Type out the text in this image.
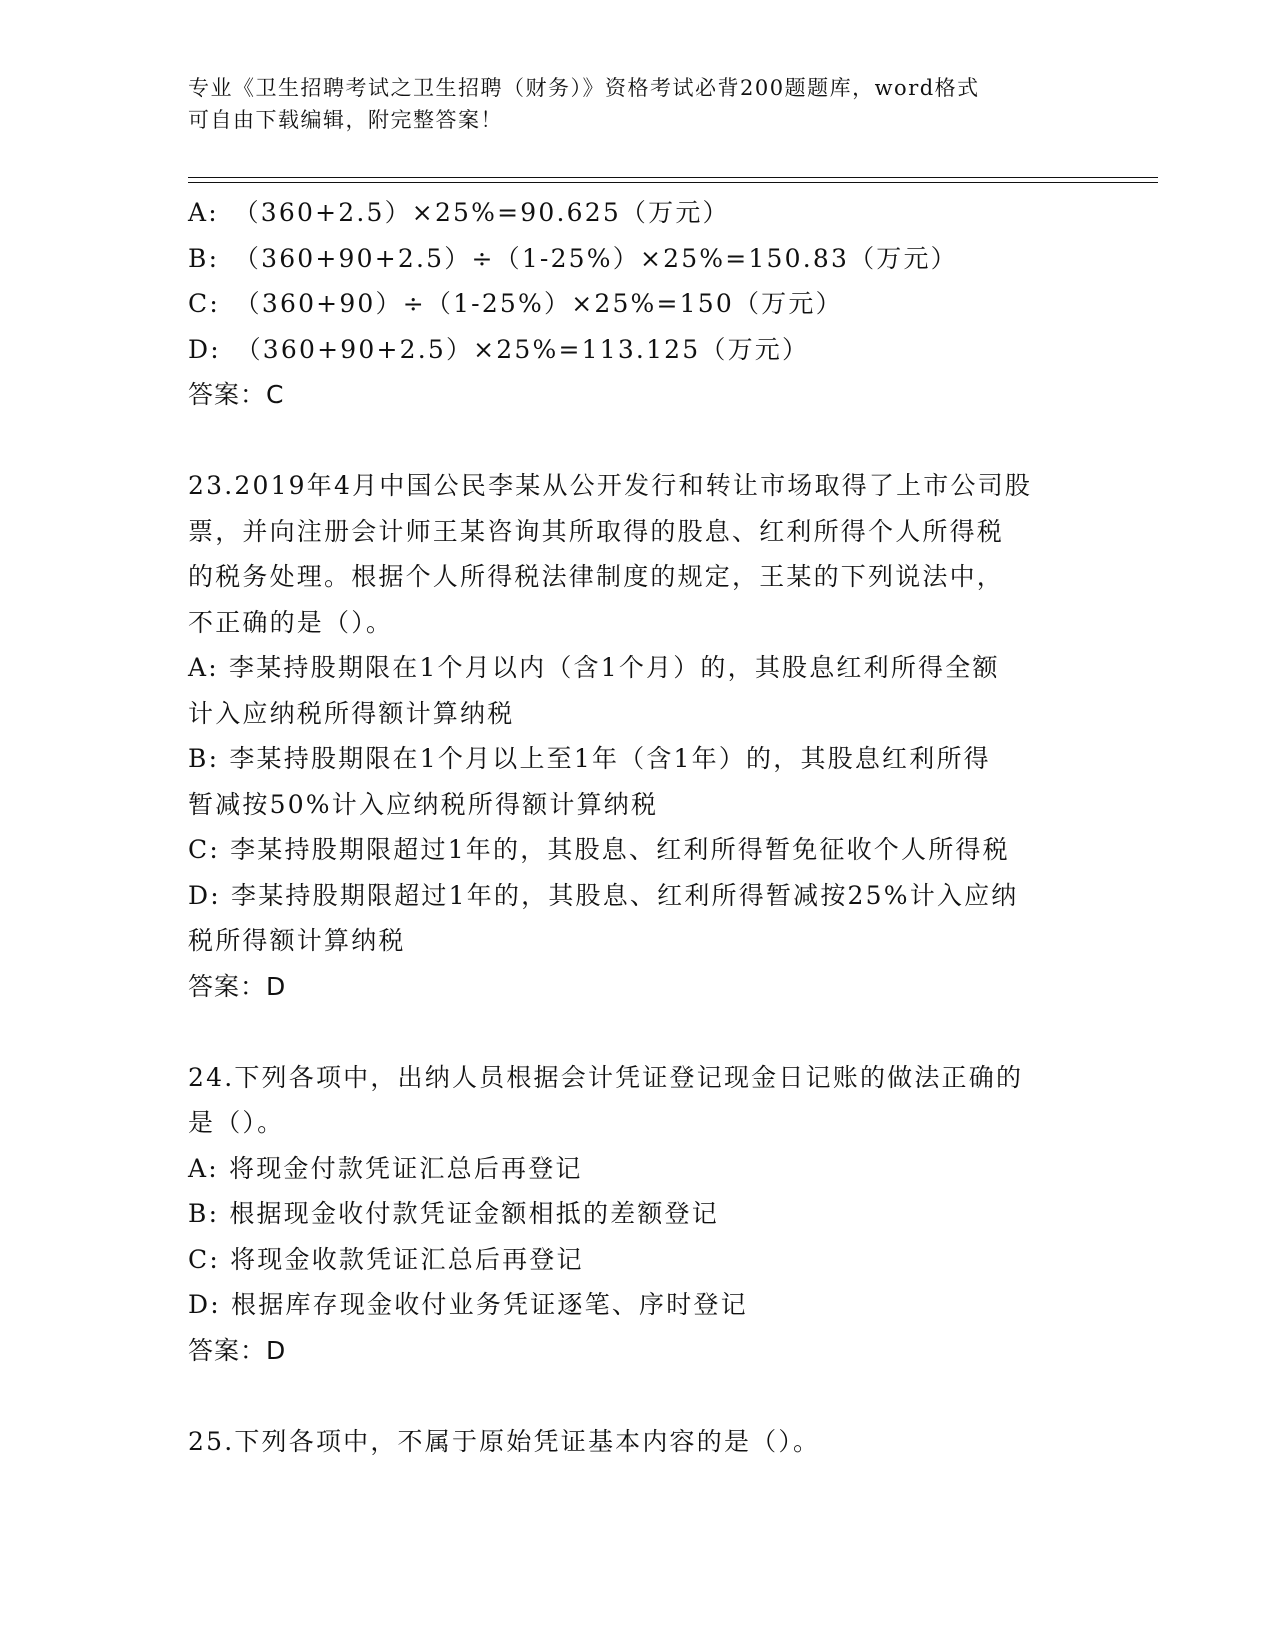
专业《卫生招聘考试之卫生招聘（财务）》资格考试必背200题题库，word格式
可自由下载编辑，附完整答案！
A:　（360+2.5）×25%=90.625（万元）
B:　（360+90+2.5）÷（1-25%）×25%=150.83（万元）
C:　（360+90）÷（1-25%）×25%=150（万元）
D:　（360+90+2.5）×25%=113.125（万元）
答案：C
23.2019年4月中国公民李某从公开发行和转让市场取得了上市公司股
票，并向注册会计师王某咨询其所取得的股息、红利所得个人所得税
的税务处理。根据个人所得税法律制度的规定，王某的下列说法中，
不正确的是（）。
A: 李某持股期限在1个月以内（含1个月）的，其股息红利所得全额
计入应纳税所得额计算纳税
B: 李某持股期限在1个月以上至1年（含1年）的，其股息红利所得
暂减按50%计入应纳税所得额计算纳税
C: 李某持股期限超过1年的，其股息、红利所得暂免征收个人所得税
D: 李某持股期限超过1年的，其股息、红利所得暂减按25%计入应纳
税所得额计算纳税
答案：D
24.下列各项中，出纳人员根据会计凭证登记现金日记账的做法正确的
是（）。
A: 将现金付款凭证汇总后再登记
B: 根据现金收付款凭证金额相抵的差额登记
C: 将现金收款凭证汇总后再登记
D: 根据库存现金收付业务凭证逐笔、序时登记
答案：D
25.下列各项中，不属于原始凭证基本内容的是（）。
